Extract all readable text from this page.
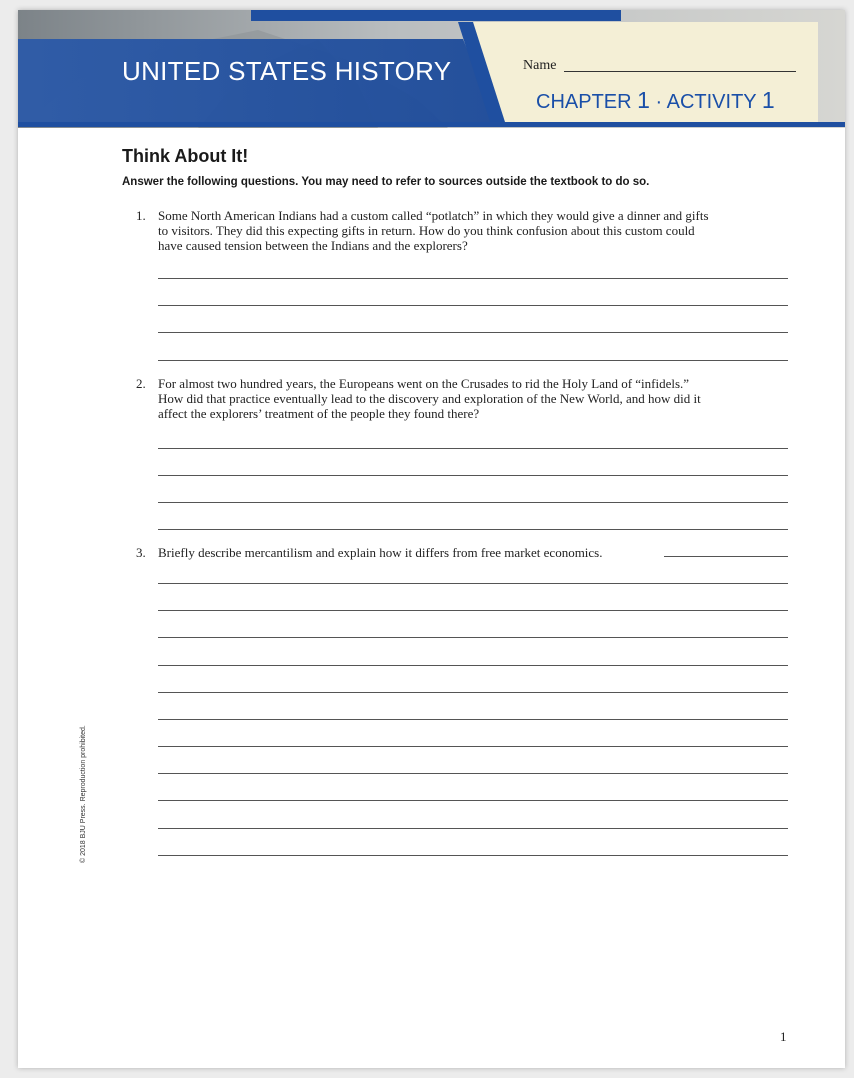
UNITED STATES HISTORY	Name
CHAPTER 1 · ACTIVITY 1
Think About It!
Answer the following questions. You may need to refer to sources outside the textbook to do so.
1. Some North American Indians had a custom called “potlatch” in which they would give a dinner and gifts
to visitors. They did this expecting gifts in return. How do you think confusion about this custom could
have caused tension between the Indians and the explorers?
2. For almost two hundred years, the Europeans went on the Crusades to rid the Holy Land of “infidels.”
How did that practice eventually lead to the discovery and exploration of the New World, and how did it
affect the explorers’ treatment of the people they found there?
3. Briefly describe mercantilism and explain how it differs from free market economics.
© 2018 BJU Press. Reproduction prohibited.
1
